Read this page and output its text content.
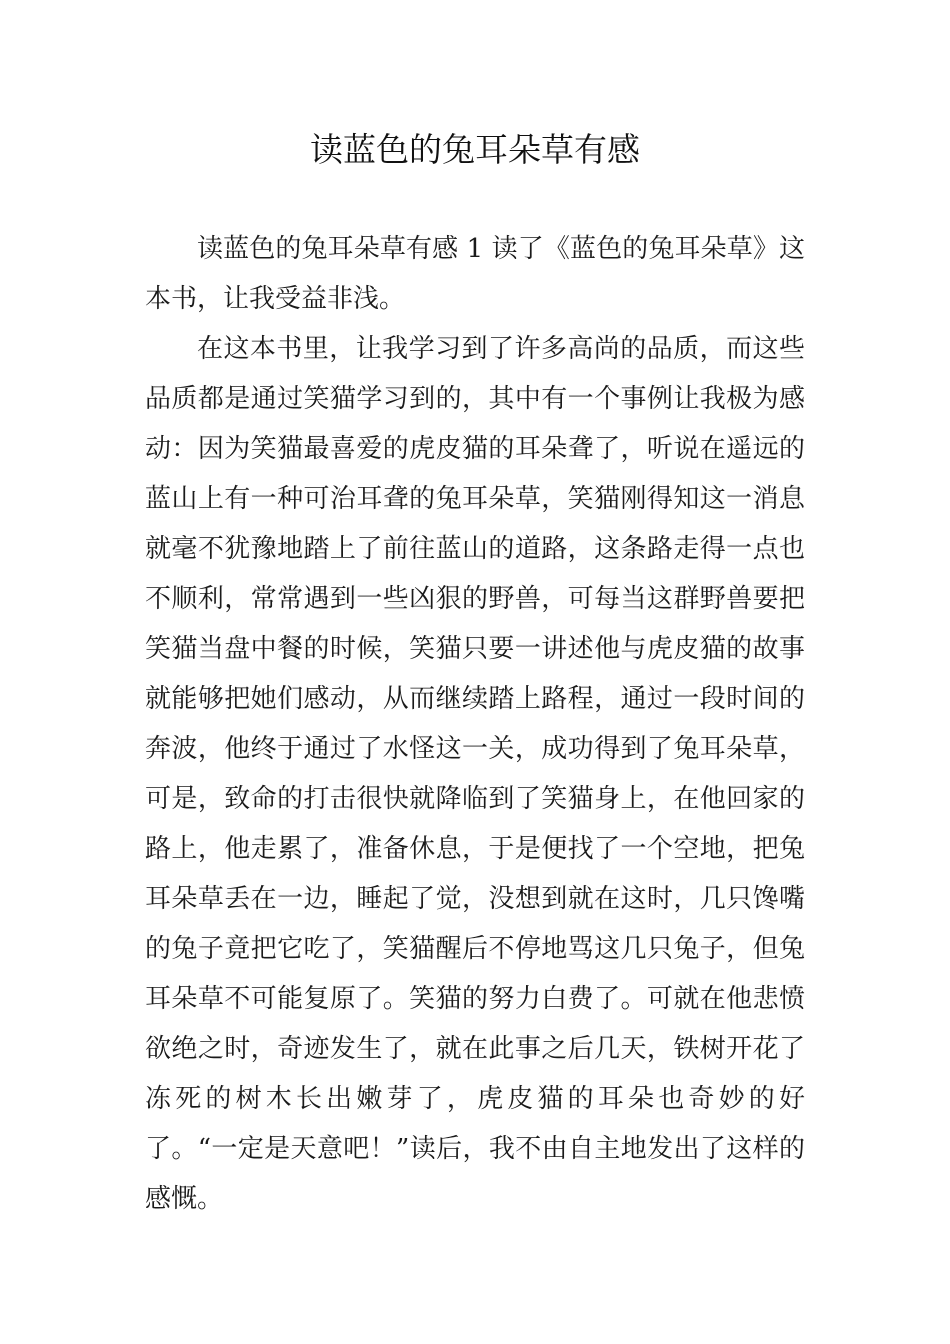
读蓝色的兔耳朵草有感

读蓝色的兔耳朵草有感 1 读了《蓝色的兔耳朵草》这本书，让我受益非浅。

在这本书里，让我学习到了许多高尚的品质，而这些品质都是通过笑猫学习到的，其中有一个事例让我极为感动：因为笑猫最喜爱的虎皮猫的耳朵聋了，听说在遥远的蓝山上有一种可治耳聋的兔耳朵草，笑猫刚得知这一消息就毫不犹豫地踏上了前往蓝山的道路，这条路走得一点也不顺利，常常遇到一些凶狠的野兽，可每当这群野兽要把笑猫当盘中餐的时候，笑猫只要一讲述他与虎皮猫的故事就能够把她们感动，从而继续踏上路程，通过一段时间的奔波，他终于通过了水怪这一关，成功得到了兔耳朵草，可是，致命的打击很快就降临到了笑猫身上，在他回家的路上，他走累了，准备休息，于是便找了一个空地，把兔耳朵草丢在一边，睡起了觉，没想到就在这时，几只馋嘴的兔子竟把它吃了，笑猫醒后不停地骂这几只兔子，但兔耳朵草不可能复原了。笑猫的努力白费了。可就在他悲愤欲绝之时，奇迹发生了，就在此事之后几天，铁树开花了冻死的树木长出嫩芽了，虎皮猫的耳朵也奇妙的好了。“一定是天意吧！”读后，我不由自主地发出了这样的感慨。
